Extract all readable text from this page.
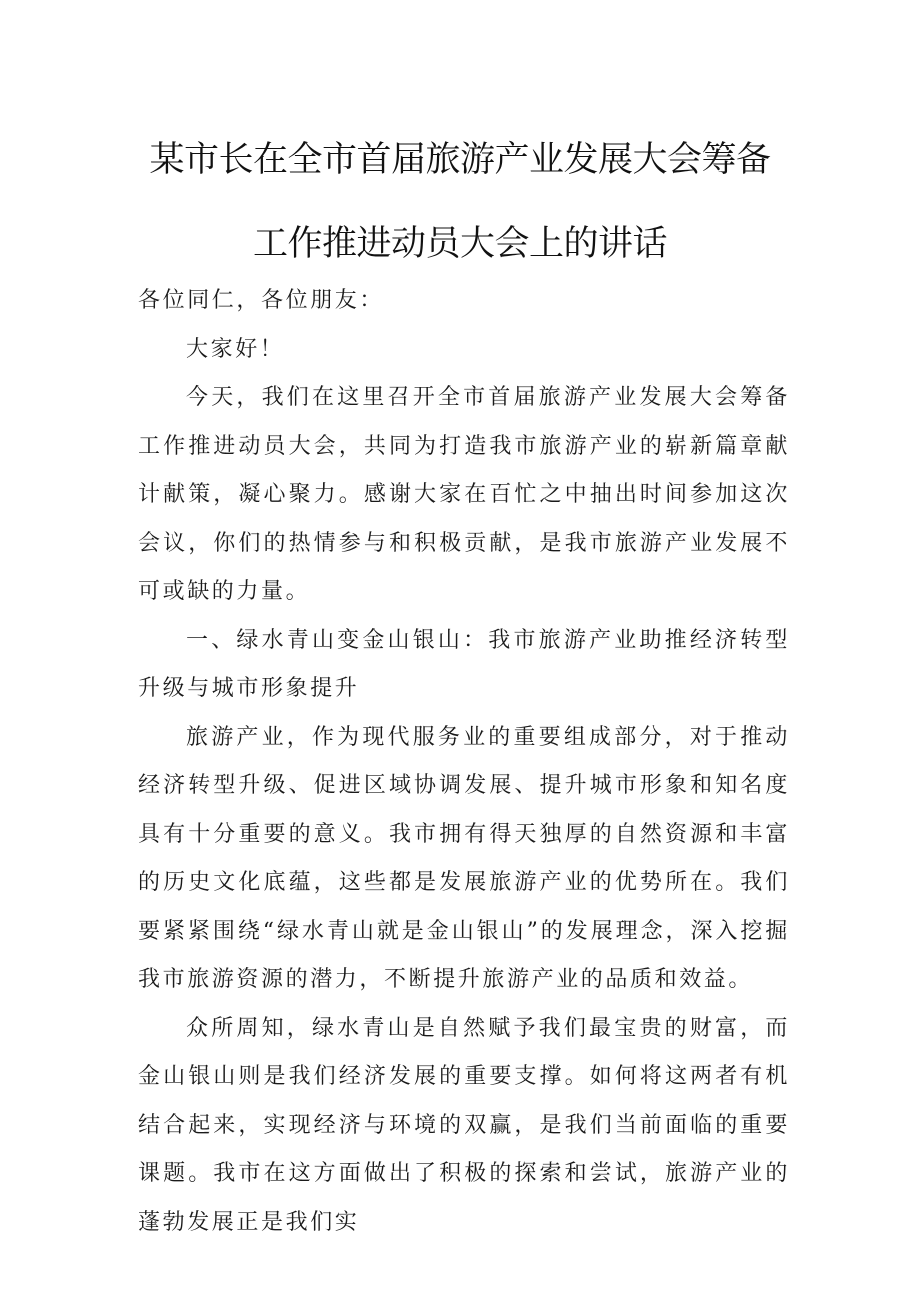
某市长在全市首届旅游产业发展大会筹备
工作推进动员大会上的讲话

各位同仁，各位朋友：

大家好！

今天，我们在这里召开全市首届旅游产业发展大会筹备工作推进动员大会，共同为打造我市旅游产业的崭新篇章献计献策，凝心聚力。感谢大家在百忙之中抽出时间参加这次会议，你们的热情参与和积极贡献，是我市旅游产业发展不可或缺的力量。

一、绿水青山变金山银山：我市旅游产业助推经济转型升级与城市形象提升

旅游产业，作为现代服务业的重要组成部分，对于推动经济转型升级、促进区域协调发展、提升城市形象和知名度具有十分重要的意义。我市拥有得天独厚的自然资源和丰富的历史文化底蕴，这些都是发展旅游产业的优势所在。我们要紧紧围绕“绿水青山就是金山银山”的发展理念，深入挖掘我市旅游资源的潜力，不断提升旅游产业的品质和效益。

众所周知，绿水青山是自然赋予我们最宝贵的财富，而金山银山则是我们经济发展的重要支撑。如何将这两者有机结合起来，实现经济与环境的双赢，是我们当前面临的重要课题。我市在这方面做出了积极的探索和尝试，旅游产业的蓬勃发展正是我们实
